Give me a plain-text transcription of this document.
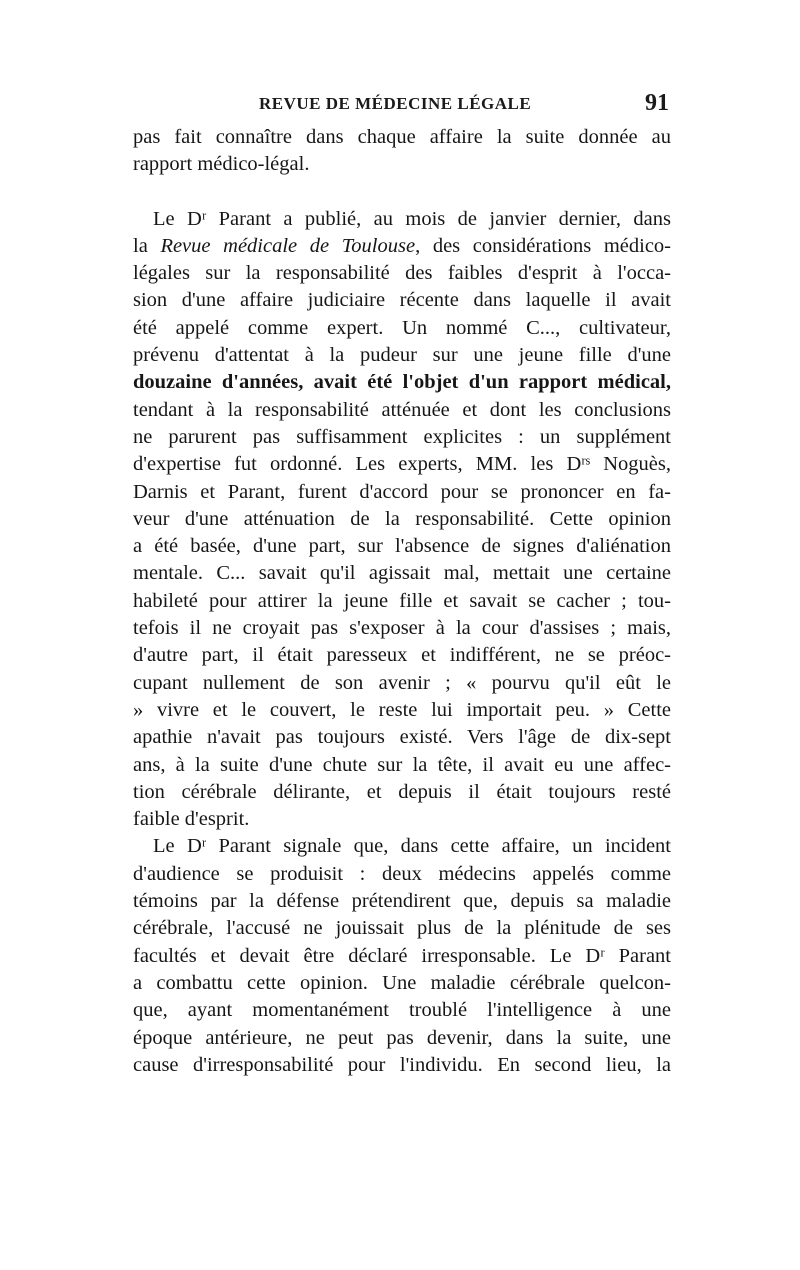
REVUE DE MÉDECINE LÉGALE	91

pas fait connaître dans chaque affaire la suite donnée au
rapport médico-légal.

Le Dʳ Parant a publié, au mois de janvier dernier, dans
la Revue médicale de Toulouse, des considérations médico-
légales sur la responsabilité des faibles d'esprit à l'occa-
sion d'une affaire judiciaire récente dans laquelle il avait
été appelé comme expert. Un nommé C..., cultivateur,
prévenu d'attentat à la pudeur sur une jeune fille d'une
douzaine d'années, avait été l'objet d'un rapport médical,
tendant à la responsabilité atténuée et dont les conclusions
ne parurent pas suffisamment explicites : un supplément
d'expertise fut ordonné. Les experts, MM. les Dʳˢ Noguès,
Darnis et Parant, furent d'accord pour se prononcer en fa-
veur d'une atténuation de la responsabilité. Cette opinion
a été basée, d'une part, sur l'absence de signes d'aliénation
mentale. C... savait qu'il agissait mal, mettait une certaine
habileté pour attirer la jeune fille et savait se cacher ; tou-
tefois il ne croyait pas s'exposer à la cour d'assises ; mais,
d'autre part, il était paresseux et indifférent, ne se préoc-
cupant nullement de son avenir ; « pourvu qu'il eût le
» vivre et le couvert, le reste lui importait peu. » Cette
apathie n'avait pas toujours existé. Vers l'âge de dix-sept
ans, à la suite d'une chute sur la tête, il avait eu une affec-
tion cérébrale délirante, et depuis il était toujours resté
faible d'esprit.

Le Dʳ Parant signale que, dans cette affaire, un incident
d'audience se produisit : deux médecins appelés comme
témoins par la défense prétendirent que, depuis sa maladie
cérébrale, l'accusé ne jouissait plus de la plénitude de ses
facultés et devait être déclaré irresponsable. Le Dʳ Parant
a combattu cette opinion. Une maladie cérébrale quelcon-
que, ayant momentanément troublé l'intelligence à une
époque antérieure, ne peut pas devenir, dans la suite, une
cause d'irresponsabilité pour l'individu. En second lieu, la
